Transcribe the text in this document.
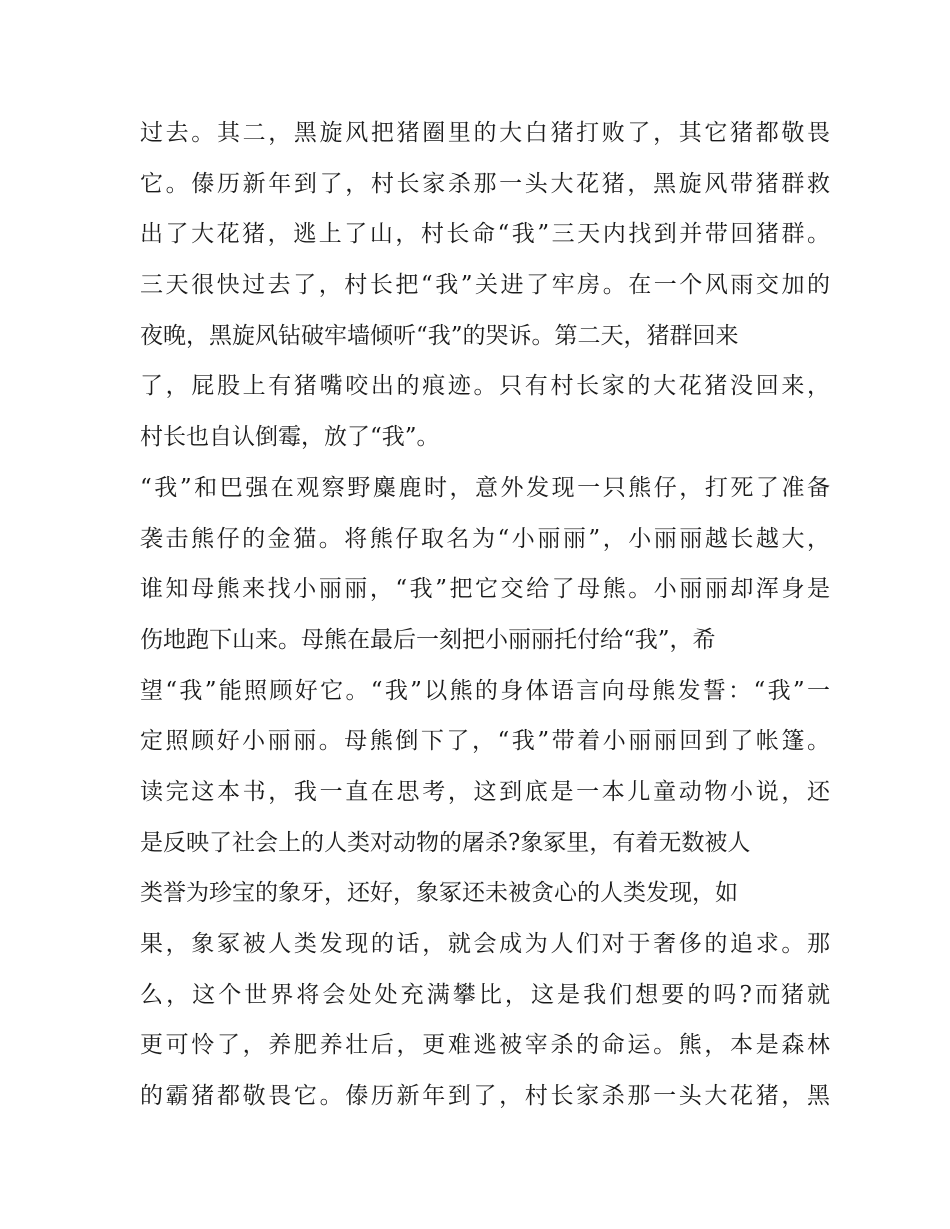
过去。其二，黑旋风把猪圈里的大白猪打败了，其它猪都敬畏
它。傣历新年到了，村长家杀那一头大花猪，黑旋风带猪群救
出了大花猪，逃上了山，村长命“我”三天内找到并带回猪群。
三天很快过去了，村长把“我”关进了牢房。在一个风雨交加的
夜晚，黑旋风钻破牢墙倾听“我”的哭诉。第二天，猪群回来
了，屁股上有猪嘴咬出的痕迹。只有村长家的大花猪没回来，
村长也自认倒霉，放了“我”。
“我”和巴强在观察野麋鹿时，意外发现一只熊仔，打死了准备
袭击熊仔的金猫。将熊仔取名为“小丽丽”，小丽丽越长越大，
谁知母熊来找小丽丽，“我”把它交给了母熊。小丽丽却浑身是
伤地跑下山来。母熊在最后一刻把小丽丽托付给“我”，希
望“我”能照顾好它。“我”以熊的身体语言向母熊发誓：“我”一
定照顾好小丽丽。母熊倒下了，“我”带着小丽丽回到了帐篷。
读完这本书，我一直在思考，这到底是一本儿童动物小说，还
是反映了社会上的人类对动物的屠杀?象冢里，有着无数被人
类誉为珍宝的象牙，还好，象冢还未被贪心的人类发现，如
果，象冢被人类发现的话，就会成为人们对于奢侈的追求。那
么，这个世界将会处处充满攀比，这是我们想要的吗?而猪就
更可怜了，养肥养壮后，更难逃被宰杀的命运。熊，本是森林
的霸猪都敬畏它。傣历新年到了，村长家杀那一头大花猪，黑
